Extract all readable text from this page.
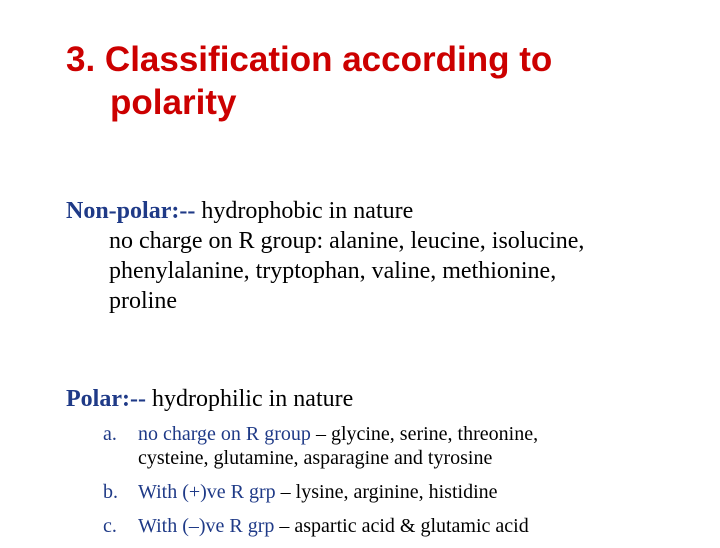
3. Classification according to
polarity
Non-polar:-- hydrophobic in nature
no charge on R group: alanine, leucine, isolucine,
phenylalanine, tryptophan, valine, methionine,
proline
Polar:-- hydrophilic in nature
a. no charge on R group – glycine, serine, threonine,
cysteine, glutamine, asparagine and tyrosine
b. With (+)ve R grp – lysine, arginine, histidine
c. With (–)ve R grp – aspartic acid & glutamic acid
